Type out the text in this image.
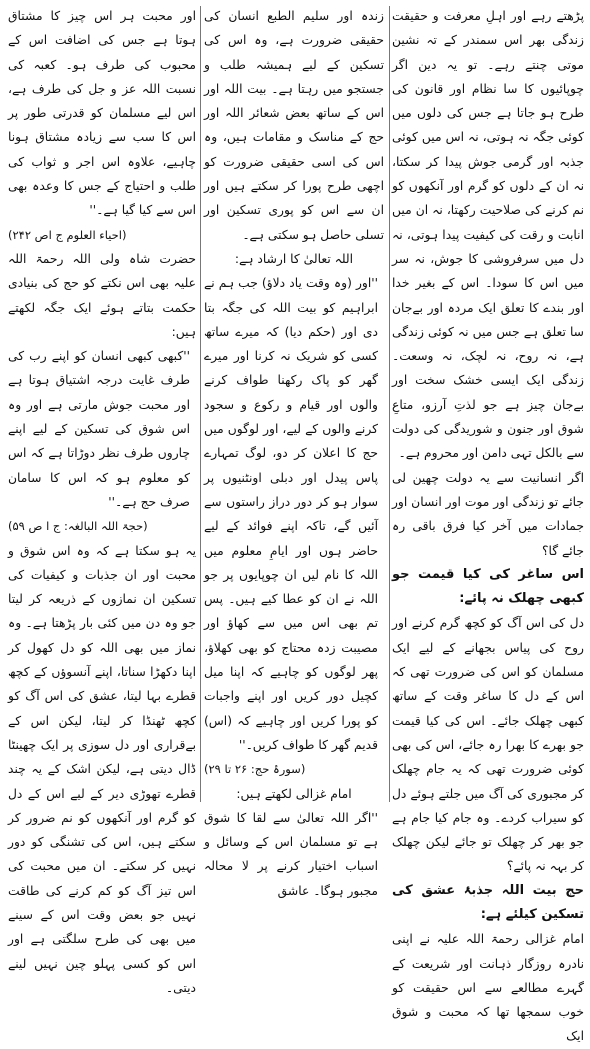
پڑھتے رہے اور اہلِ معرفت و حقیقت زندگی بھر اس سمندر کے تہ نشین موتی چنتے رہے۔ تو یہ دین اگر چوپائیوں کا سا نظام اور قانون کی طرح ہو جاتا ہے جس کی دلوں میں کوئی جگہ نہ ہوتی، نہ اس میں کوئی جذبہ اور گرمی جوش پیدا کر سکتا، نہ ان کے دلوں کو گرم اور آنکھوں کو نم کرنے کی صلاحیت رکھتا، نہ ان میں انابت و رقت کی کیفیت پیدا ہوتی، نہ دل میں سرفروشی کا جوش، نہ سر میں اس کا سودا۔ اس کے بغیر خدا اور بندے کا تعلق ایک مردہ اور بےجان سا تعلق ہے جس میں نہ کوئی زندگی ہے، نہ روح، نہ لچک، نہ وسعت۔ زندگی ایک ایسی خشک سخت اور بےجان چیز ہے جو لذتِ آرزو، متاعِ شوق اور جنون و شوریدگی کی دولت سے بالکل تہی دامن اور محروم ہے۔

اگر انسانیت سے یہ دولت چھین لی جائے تو زندگی اور موت اور انسان اور جمادات میں آخر کیا فرق باقی رہ جائے گا؟

اس ساغر کی کیا قیمت جو کبھی چھلک نہ پائے:

دل کی اس آگ کو کچھ گرم کرنے اور روح کی پیاس بجھانے کے لیے ایک مسلمان کو اس کی ضرورت تھی کہ اس کے دل کا ساغر وقت کے ساتھ کبھی چھلک جائے۔ اس کی کیا قیمت جو بھرے کا بھرا رہ جائے، اس کی بھی کوئی ضرورت تھی کہ یہ جام چھلک کر مجبوری کی آگ میں جلتے ہوئے دل کو سیراب کردے۔ وہ جام کیا جام ہے جو بھر کر چھلک تو جائے لیکن چھلک کر بہہ نہ پائے؟

حج بیت اللہ جذبۂ عشق کی تسکین کیلئے ہے:

امام غزالی رحمۃ اللہ علیہ نے اپنی نادرہ روزگار ذہانت اور شریعت کے گہرے مطالعے سے اس حقیقت کو خوب سمجھا تھا کہ محبت و شوق ایک

زندہ اور سلیم الطبع انسان کی حقیقی ضرورت ہے، وہ اس کی تسکین کے لیے ہمیشہ طلب و جستجو میں رہتا ہے۔ بیت اللہ اور اس کے ساتھ بعض شعائر اللہ اور حج کے مناسک و مقامات ہیں، وہ اس کی اسی حقیقی ضرورت کو اچھی طرح پورا کر سکتے ہیں اور ان سے اس کو پوری تسکین اور تسلی حاصل ہو سکتی ہے۔

اللہ تعالیٰ کا ارشاد ہے:

''اور (وہ وقت یاد دلاؤ) جب ہم نے ابراہیم کو بیت اللہ کی جگہ بتا دی اور (حکم دیا) کہ میرے ساتھ کسی کو شریک نہ کرنا اور میرے گھر کو پاک رکھنا طواف کرنے والوں اور قیام و رکوع و سجود کرنے والوں کے لیے، اور لوگوں میں حج کا اعلان کر دو، لوگ تمہارے پاس پیدل اور دبلی اونٹنیوں پر سوار ہو کر دور دراز راستوں سے آئیں گے، تاکہ اپنے فوائد کے لیے حاضر ہوں اور ایامِ معلوم میں اللہ کا نام لیں ان چوپایوں پر جو اللہ نے ان کو عطا کیے ہیں۔ پس تم بھی اس میں سے کھاؤ اور مصیبت زدہ محتاج کو بھی کھلاؤ، پھر لوگوں کو چاہیے کہ اپنا میل کچیل دور کریں اور اپنے واجبات کو پورا کریں اور چاہیے کہ (اس) قدیم گھر کا طواف کریں۔''

(سورۂ حج: ۲۶ تا ۲۹)

امام غزالی لکھتے ہیں:

''اگر اللہ تعالیٰ سے لقا کا شوق ہے تو مسلمان اس کے وسائل و اسباب اختیار کرنے پر لا محالہ مجبور ہوگا۔ عاشق

اور محبت ہر اس چیز کا مشتاق ہوتا ہے جس کی اضافت اس کے محبوب کی طرف ہو۔ کعبہ کی نسبت اللہ عز و جل کی طرف ہے، اس لیے مسلمان کو قدرتی طور پر اس کا سب سے زیادہ مشتاق ہونا چاہیے، علاوہ اس اجر و ثواب کی طلب و احتیاج کے جس کا وعدہ بھی اس سے کیا گیا ہے۔''

(احیاء العلوم ج اص ۲۴۲)

حضرت شاہ ولی اللہ رحمۃ اللہ علیہ بھی اس نکتے کو حج کی بنیادی حکمت بتاتے ہوئے ایک جگہ لکھتے ہیں:

''کبھی کبھی انسان کو اپنے رب کی طرف غایت درجہ اشتیاق ہوتا ہے اور محبت جوش مارتی ہے اور وہ اس شوق کی تسکین کے لیے اپنے چاروں طرف نظر دوڑاتا ہے کہ اس کو معلوم ہو کہ اس کا سامان صرف حج ہے۔''

(حجۃ اللہ البالغہ: ج ا ص ۵۹)

یہ ہو سکتا ہے کہ وہ اس شوق و محبت اور ان جذبات و کیفیات کی تسکین ان نمازوں کے ذریعہ کر لیتا جو وہ دن میں کئی بار پڑھتا ہے۔ وہ نماز میں بھی اللہ کو دل کھول کر اپنا دکھڑا سناتا، اپنے آنسوؤں کے کچھ قطرے بہا لیتا، عشق کی اس آگ کو کچھ ٹھنڈا کر لیتا، لیکن اس کے بےقراری اور دل سوزی پر ایک چھینٹا ڈال دیتی ہے، لیکن اشک کے یہ چند قطرے تھوڑی دیر کے لیے اس کے دل کو گرم اور آنکھوں کو نم ضرور کر سکتے ہیں، اس کی تشنگی کو دور نہیں کر سکتے۔ ان میں محبت کی اس تیز آگ کو کم کرنے کی طاقت نہیں جو بعض وقت اس کے سینے میں بھی کی طرح سلگتی ہے اور اس کو کسی پہلو چین نہیں لینے دیتی۔
